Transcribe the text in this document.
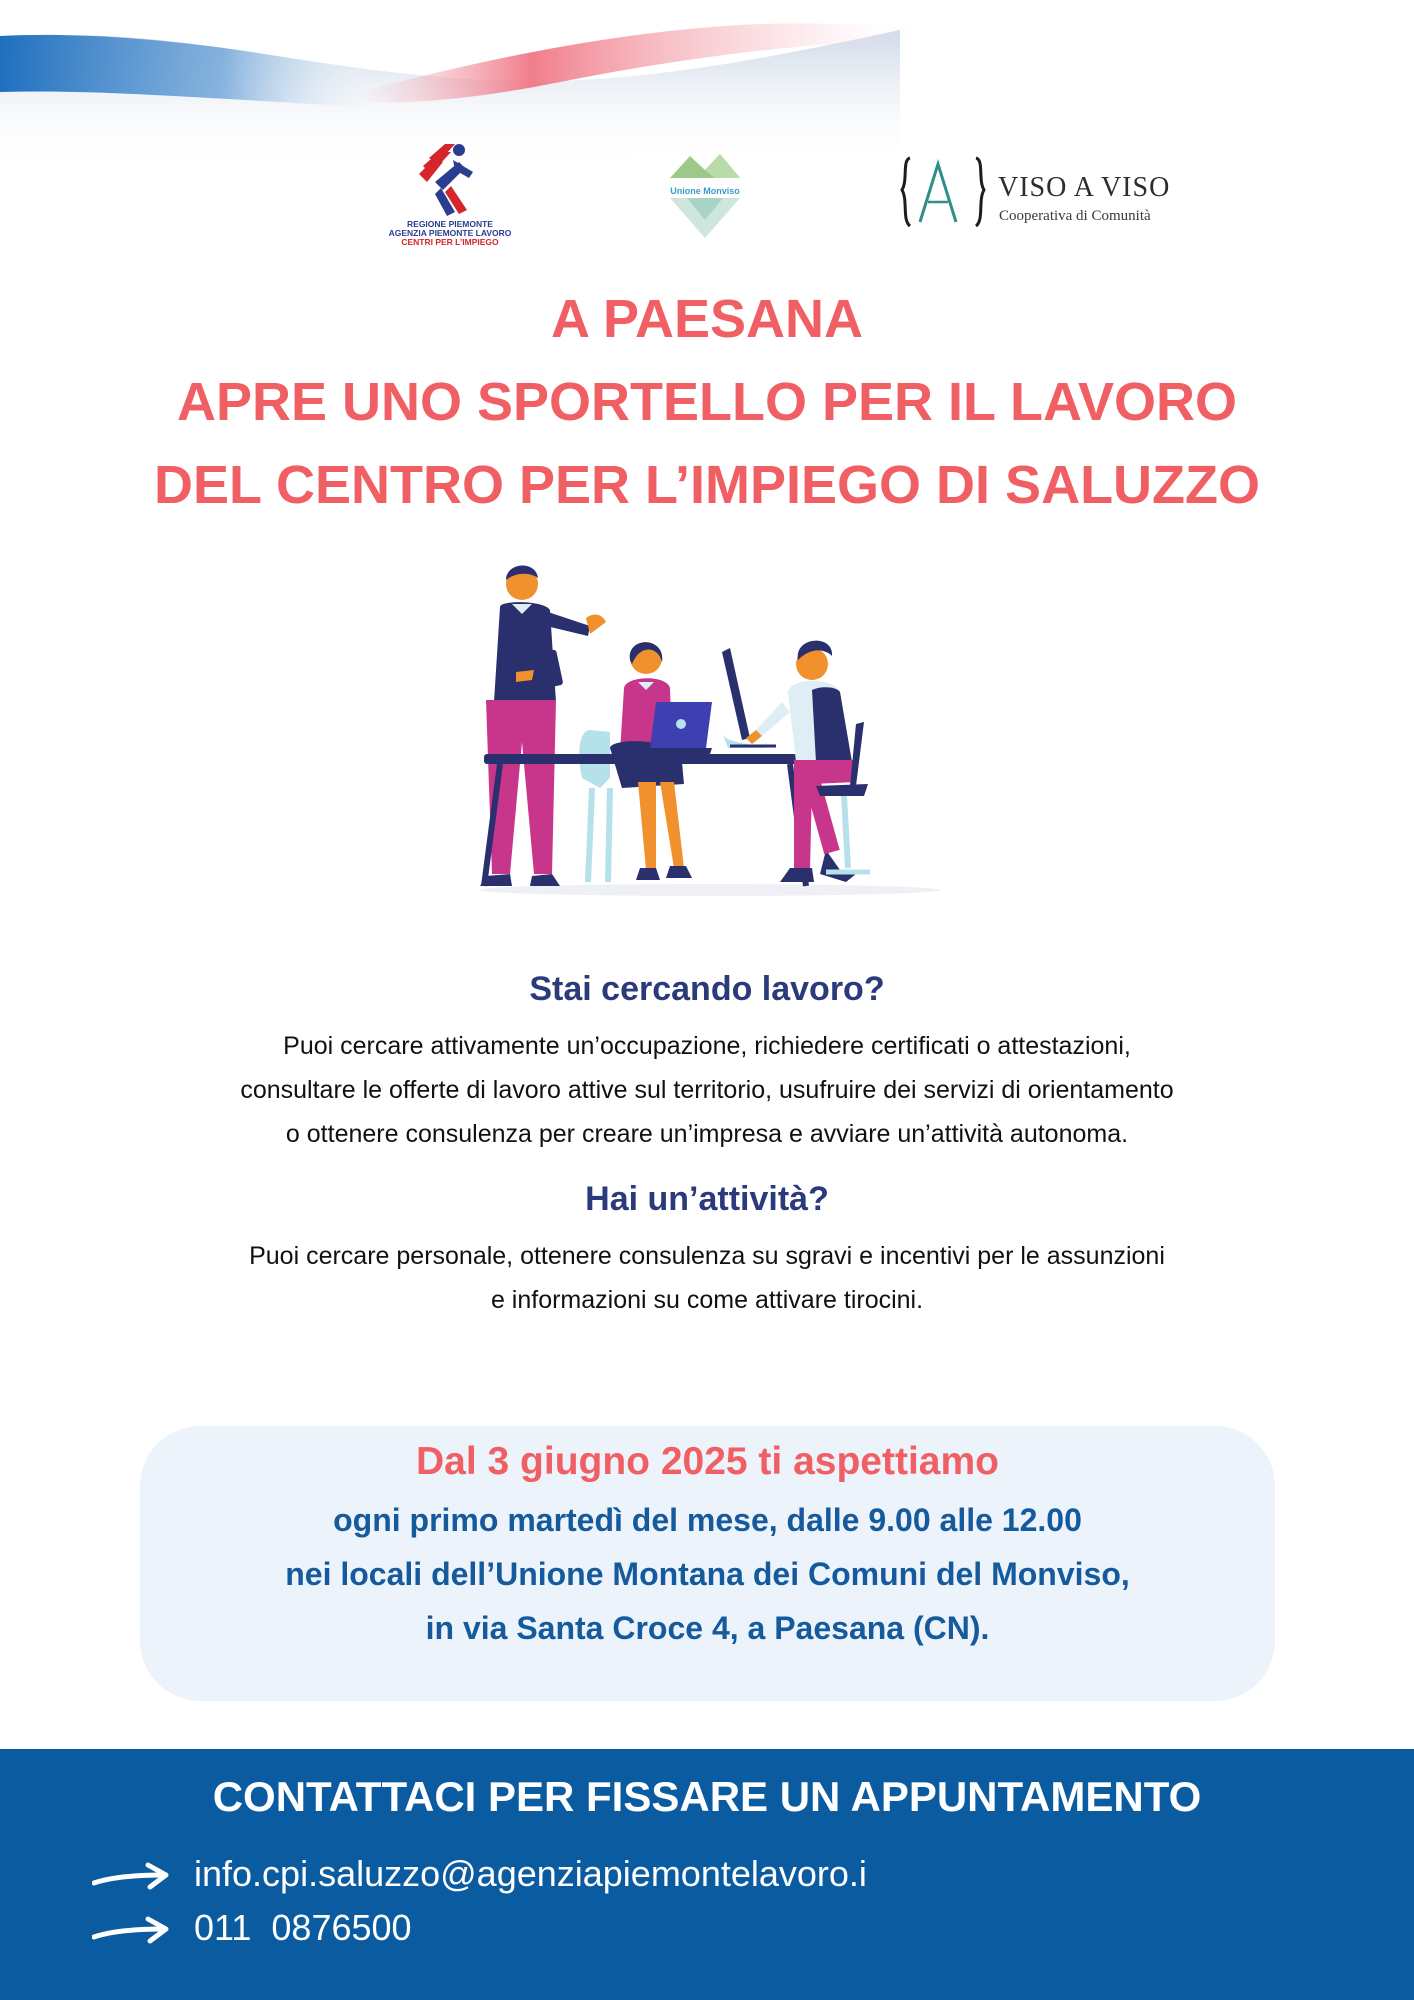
REGIONE PIEMONTE
AGENZIA PIEMONTE LAVORO
CENTRI PER L’IMPIEGO
Unione Monviso	VISO A VISO
Cooperativa di Comunità
A PAESANA
APRE UNO SPORTELLO PER IL LAVORO
DEL CENTRO PER L’IMPIEGO DI SALUZZO
Stai cercando lavoro?
Puoi cercare attivamente un’occupazione, richiedere certificati o attestazioni,
consultare le offerte di lavoro attive sul territorio, usufruire dei servizi di orientamento
o ottenere consulenza per creare un’impresa e avviare un’attività autonoma.
Hai un’attività?
Puoi cercare personale, ottenere consulenza su sgravi e incentivi per le assunzioni
e informazioni su come attivare tirocini.
Dal 3 giugno 2025 ti aspettiamo
ogni primo martedì del mese, dalle 9.00 alle 12.00
nei locali dell’Unione Montana dei Comuni del Monviso,
in via Santa Croce 4, a Paesana (CN).
CONTATTACI PER FISSARE UN APPUNTAMENTO
info.cpi.saluzzo@agenziapiemontelavoro.i
011  0876500
